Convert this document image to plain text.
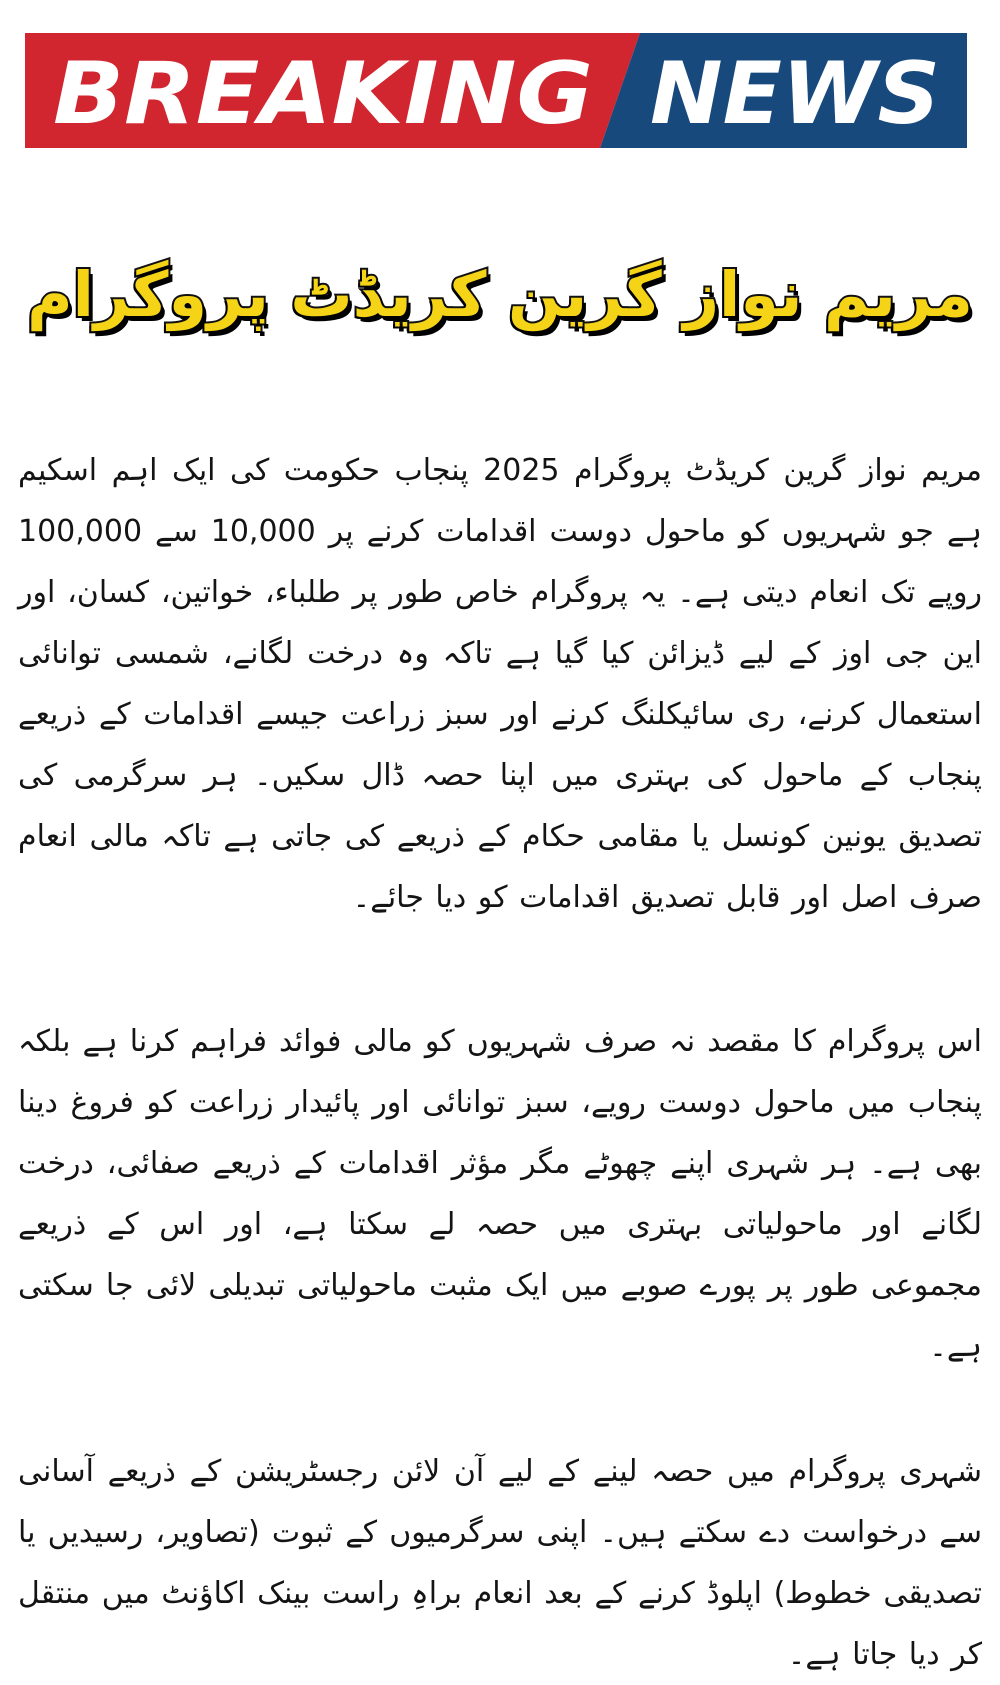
BREAKING NEWS
مریم نواز گرین کریڈٹ پروگرام

مریم نواز گرین کریڈٹ پروگرام 2025 پنجاب حکومت کی ایک اہم اسکیم ہے جو شہریوں کو ماحول دوست اقدامات کرنے پر 10,000 سے 100,000 روپے تک انعام دیتی ہے۔ یہ پروگرام خاص طور پر طلباء، خواتین، کسان، اور این جی اوز کے لیے ڈیزائن کیا گیا ہے تاکہ وہ درخت لگانے، شمسی توانائی استعمال کرنے، ری سائیکلنگ کرنے اور سبز زراعت جیسے اقدامات کے ذریعے پنجاب کے ماحول کی بہتری میں اپنا حصہ ڈال سکیں۔ ہر سرگرمی کی تصدیق یونین کونسل یا مقامی حکام کے ذریعے کی جاتی ہے تاکہ مالی انعام صرف اصل اور قابل تصدیق اقدامات کو دیا جائے۔

اس پروگرام کا مقصد نہ صرف شہریوں کو مالی فوائد فراہم کرنا ہے بلکہ پنجاب میں ماحول دوست رویے، سبز توانائی اور پائیدار زراعت کو فروغ دینا بھی ہے۔ ہر شہری اپنے چھوٹے مگر مؤثر اقدامات کے ذریعے صفائی، درخت لگانے اور ماحولیاتی بہتری میں حصہ لے سکتا ہے، اور اس کے ذریعے مجموعی طور پر پورے صوبے میں ایک مثبت ماحولیاتی تبدیلی لائی جا سکتی ہے۔

شہری پروگرام میں حصہ لینے کے لیے آن لائن رجسٹریشن کے ذریعے آسانی سے درخواست دے سکتے ہیں۔ اپنی سرگرمیوں کے ثبوت (تصاویر، رسیدیں یا تصدیقی خطوط) اپلوڈ کرنے کے بعد انعام براہِ راست بینک اکاؤنٹ میں منتقل کر دیا جاتا ہے۔
